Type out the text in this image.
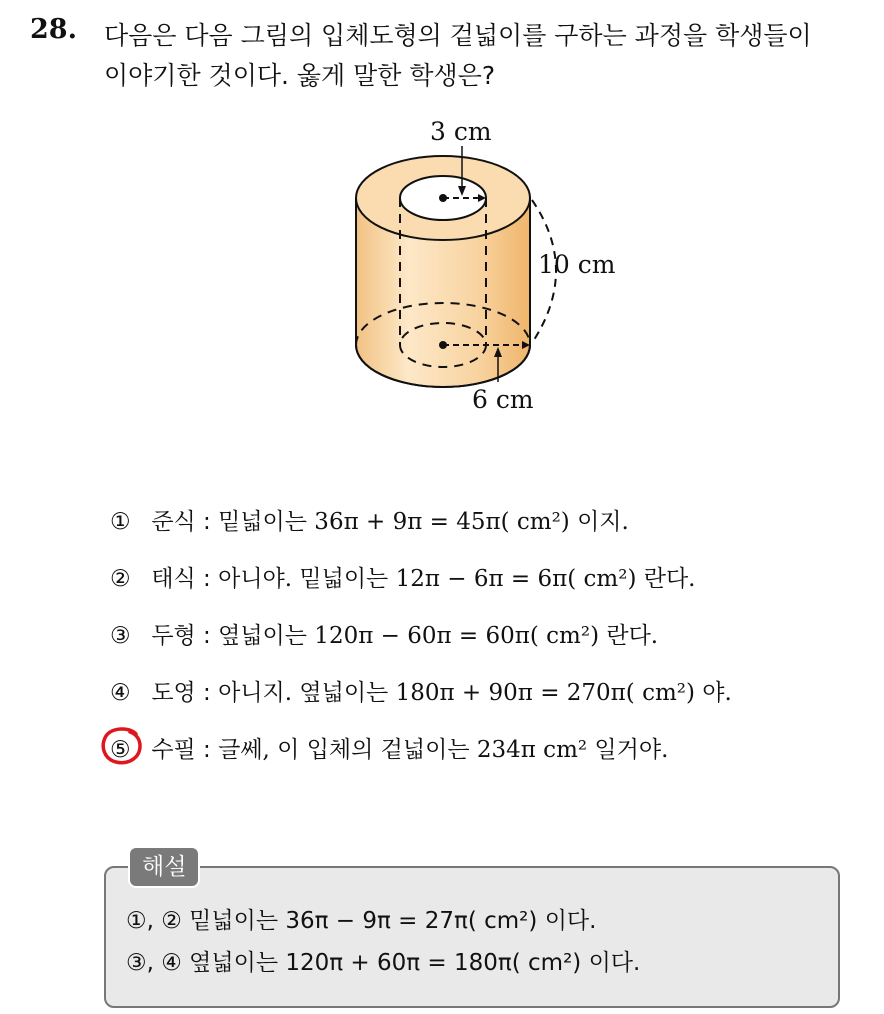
28. 다음은 다음 그림의 입체도형의 겉넓이를 구하는 과정을 학생들이
이야기한 것이다. 옳게 말한 학생은?
3 cm
10 cm
6 cm
① 준식 : 밑넓이는 36π + 9π = 45π( cm²) 이지.
② 태식 : 아니야. 밑넓이는 12π − 6π = 6π( cm²) 란다.
③ 두형 : 옆넓이는 120π − 60π = 60π( cm²) 란다.
④ 도영 : 아니지. 옆넓이는 180π + 90π = 270π( cm²) 야.
⑤ 수필 : 글쎄, 이 입체의 겉넓이는 234π cm² 일거야.
해설
①, ② 밑넓이는 36π − 9π = 27π( cm²) 이다.
③, ④ 옆넓이는 120π + 60π = 180π( cm²) 이다.
